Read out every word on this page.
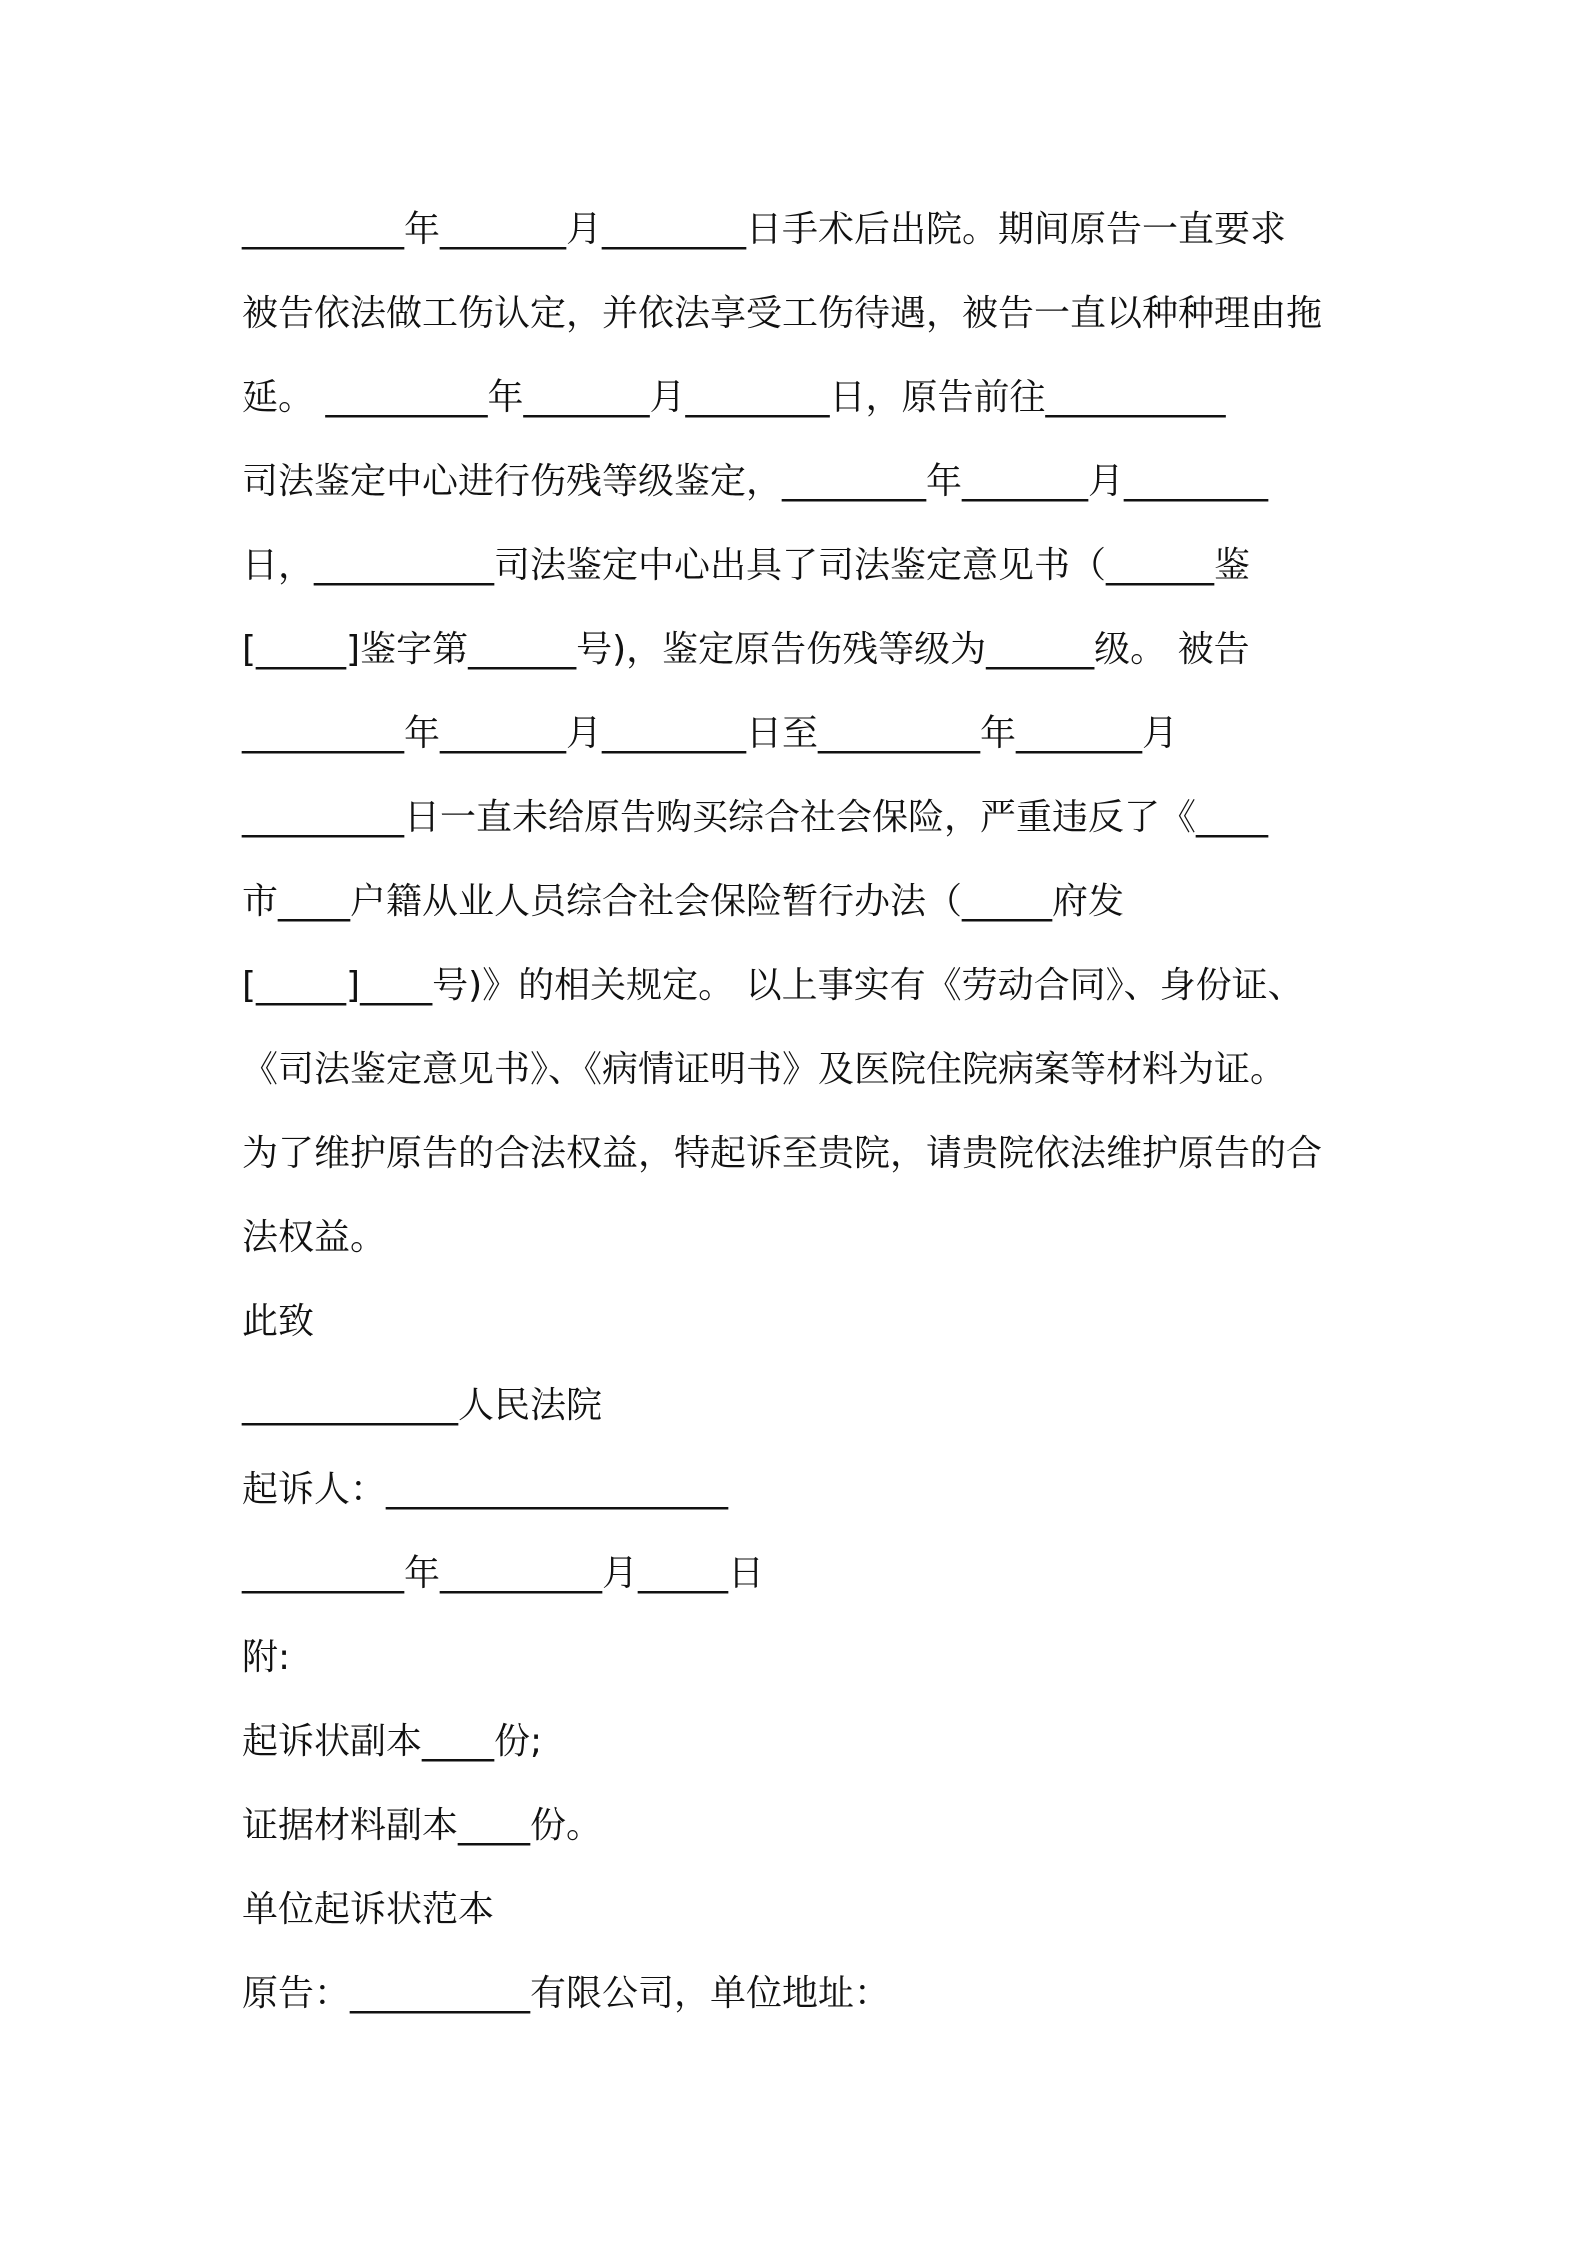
_________年_______月________日手术后出院。期间原告一直要求
被告依法做工伤认定，并依法享受工伤待遇，被告一直以种种理由拖
延。 _________年_______月________日，原告前往__________
司法鉴定中心进行伤残等级鉴定，________年_______月________
日，__________司法鉴定中心出具了司法鉴定意见书（______鉴
[_____]鉴字第______号)，鉴定原告伤残等级为______级。 被告
_________年_______月________日至_________年_______月
_________日一直未给原告购买综合社会保险，严重违反了《____
市____户籍从业人员综合社会保险暂行办法（_____府发
[_____]____号)》的相关规定。 以上事实有《劳动合同》、身份证、
《司法鉴定意见书》、《病情证明书》及医院住院病案等材料为证。
为了维护原告的合法权益，特起诉至贵院，请贵院依法维护原告的合
法权益。
此致
____________人民法院
起诉人：___________________
_________年_________月_____日
附:
起诉状副本____份;
证据材料副本____份。
单位起诉状范本
原告：__________有限公司，单位地址：
